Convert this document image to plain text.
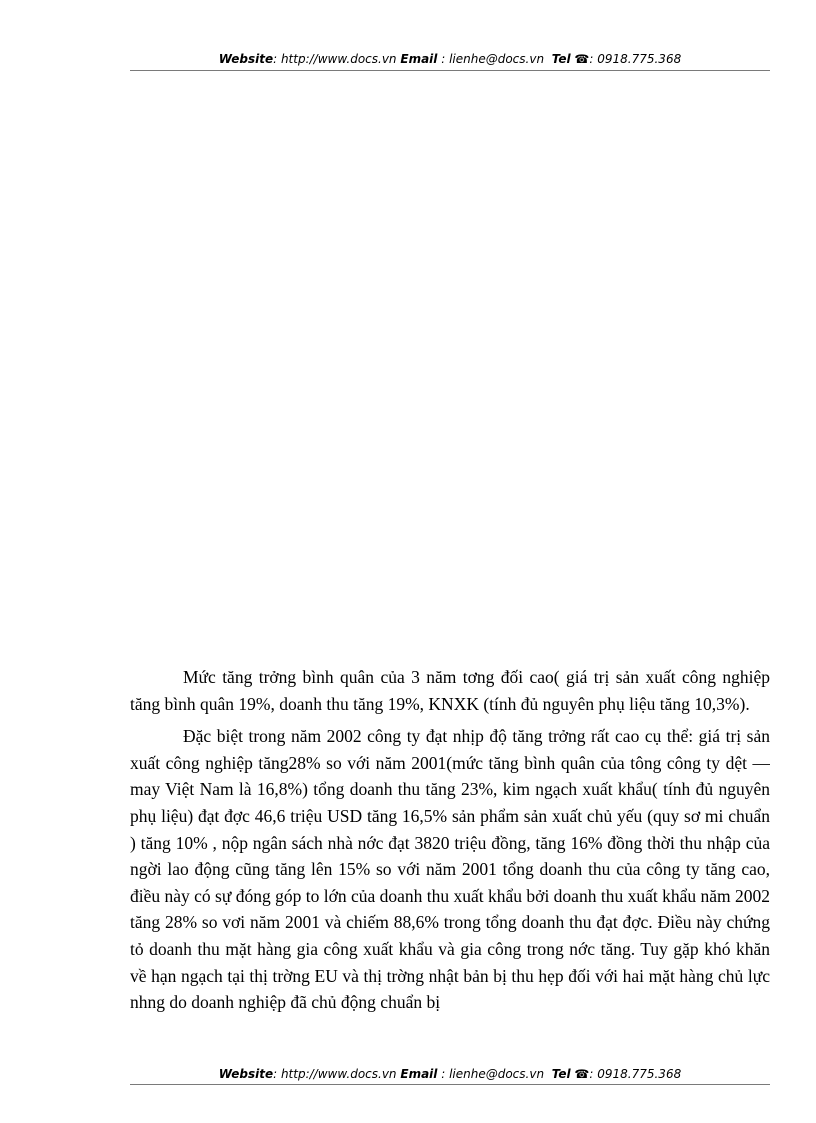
Website: http://www.docs.vn Email : lienhe@docs.vn Tel ☎: 0918.775.368

Mức tăng trởng bình quân của 3 năm tơng đối cao( giá trị sản xuất công nghiệp tăng bình quân 19%, doanh thu tăng 19%, KNXK (tính đủ nguyên phụ liệu tăng 10,3%).

Đặc biệt trong năm 2002 công ty đạt nhịp độ tăng trởng rất cao cụ thể: giá trị sản xuất công nghiệp tăng28% so với năm 2001(mức tăng bình quân của tông công ty dệt —may Việt Nam là 16,8%) tổng doanh thu tăng 23%, kim ngạch xuất khẩu( tính đủ nguyên phụ liệu) đạt đợc 46,6 triệu USD tăng 16,5% sản phẩm sản xuất chủ yếu (quy sơ mi chuẩn ) tăng 10% , nộp ngân sách nhà nớc đạt 3820 triệu đồng, tăng 16% đồng thời thu nhập của ngời lao động cũng tăng lên 15% so với năm 2001 tổng doanh thu của công ty tăng cao, điều này có sự đóng góp to lớn của doanh thu xuất khẩu bởi doanh thu xuất khẩu năm 2002 tăng 28% so vơi năm 2001 và chiếm 88,6% trong tổng doanh thu đạt đợc. Điều này chứng tỏ doanh thu mặt hàng gia công xuất khẩu và gia công trong nớc tăng. Tuy gặp khó khăn về hạn ngạch tại thị trờng EU và thị trờng nhật bản bị thu hẹp đối với hai mặt hàng chủ lực nhng do doanh nghiệp đã chủ động chuẩn bị

Website: http://www.docs.vn Email : lienhe@docs.vn Tel ☎: 0918.775.368
